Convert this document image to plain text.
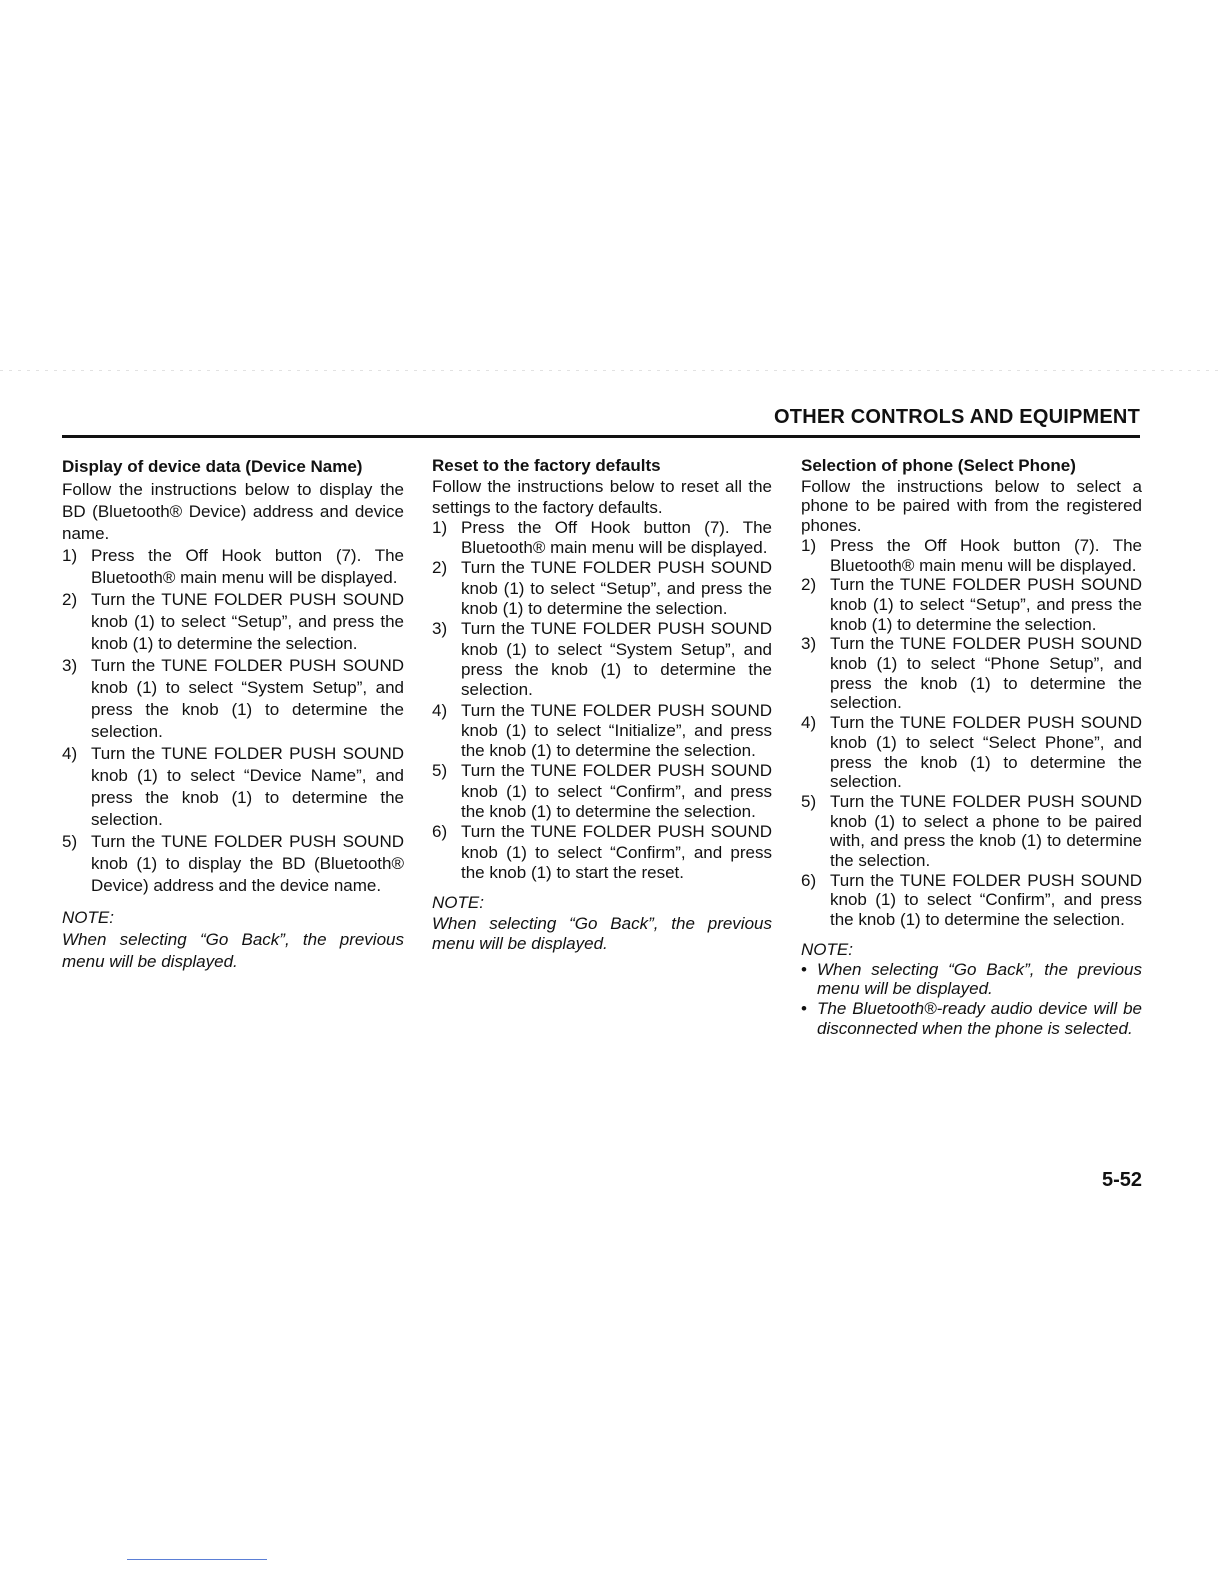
OTHER CONTROLS AND EQUIPMENT
Display of device data (Device Name)

Follow the instructions below to display the BD (Bluetooth® Device) address and device name.

1) Press the Off Hook button (7). The Bluetooth® main menu will be displayed.
2) Turn the TUNE FOLDER PUSH SOUND knob (1) to select “Setup”, and press the knob (1) to determine the selection.
3) Turn the TUNE FOLDER PUSH SOUND knob (1) to select “System Setup”, and press the knob (1) to determine the selection.
4) Turn the TUNE FOLDER PUSH SOUND knob (1) to select “Device Name”, and press the knob (1) to determine the selection.
5) Turn the TUNE FOLDER PUSH SOUND knob (1) to display the BD (Bluetooth® Device) address and the device name.
NOTE:
When selecting “Go Back”, the previous menu will be displayed.
Reset to the factory defaults

Follow the instructions below to reset all the settings to the factory defaults.

1) Press the Off Hook button (7). The Bluetooth® main menu will be displayed.
2) Turn the TUNE FOLDER PUSH SOUND knob (1) to select “Setup”, and press the knob (1) to determine the selection.
3) Turn the TUNE FOLDER PUSH SOUND knob (1) to select “System Setup”, and press the knob (1) to determine the selection.
4) Turn the TUNE FOLDER PUSH SOUND knob (1) to select “Initialize”, and press the knob (1) to determine the selection.
5) Turn the TUNE FOLDER PUSH SOUND knob (1) to select “Confirm”, and press the knob (1) to determine the selection.
6) Turn the TUNE FOLDER PUSH SOUND knob (1) to select “Confirm”, and press the knob (1) to start the reset.
NOTE:
When selecting “Go Back”, the previous menu will be displayed.
Selection of phone (Select Phone)

Follow the instructions below to select a phone to be paired with from the registered phones.

1) Press the Off Hook button (7). The Bluetooth® main menu will be displayed.
2) Turn the TUNE FOLDER PUSH SOUND knob (1) to select “Setup”, and press the knob (1) to determine the selection.
3) Turn the TUNE FOLDER PUSH SOUND knob (1) to select “Phone Setup”, and press the knob (1) to determine the selection.
4) Turn the TUNE FOLDER PUSH SOUND knob (1) to select “Select Phone”, and press the knob (1) to determine the selection.
5) Turn the TUNE FOLDER PUSH SOUND knob (1) to select a phone to be paired with, and press the knob (1) to determine the selection.
6) Turn the TUNE FOLDER PUSH SOUND knob (1) to select “Confirm”, and press the knob (1) to determine the selection.
NOTE:
• When selecting “Go Back”, the previous menu will be displayed.
• The Bluetooth®-ready audio device will be disconnected when the phone is selected.
5-52
